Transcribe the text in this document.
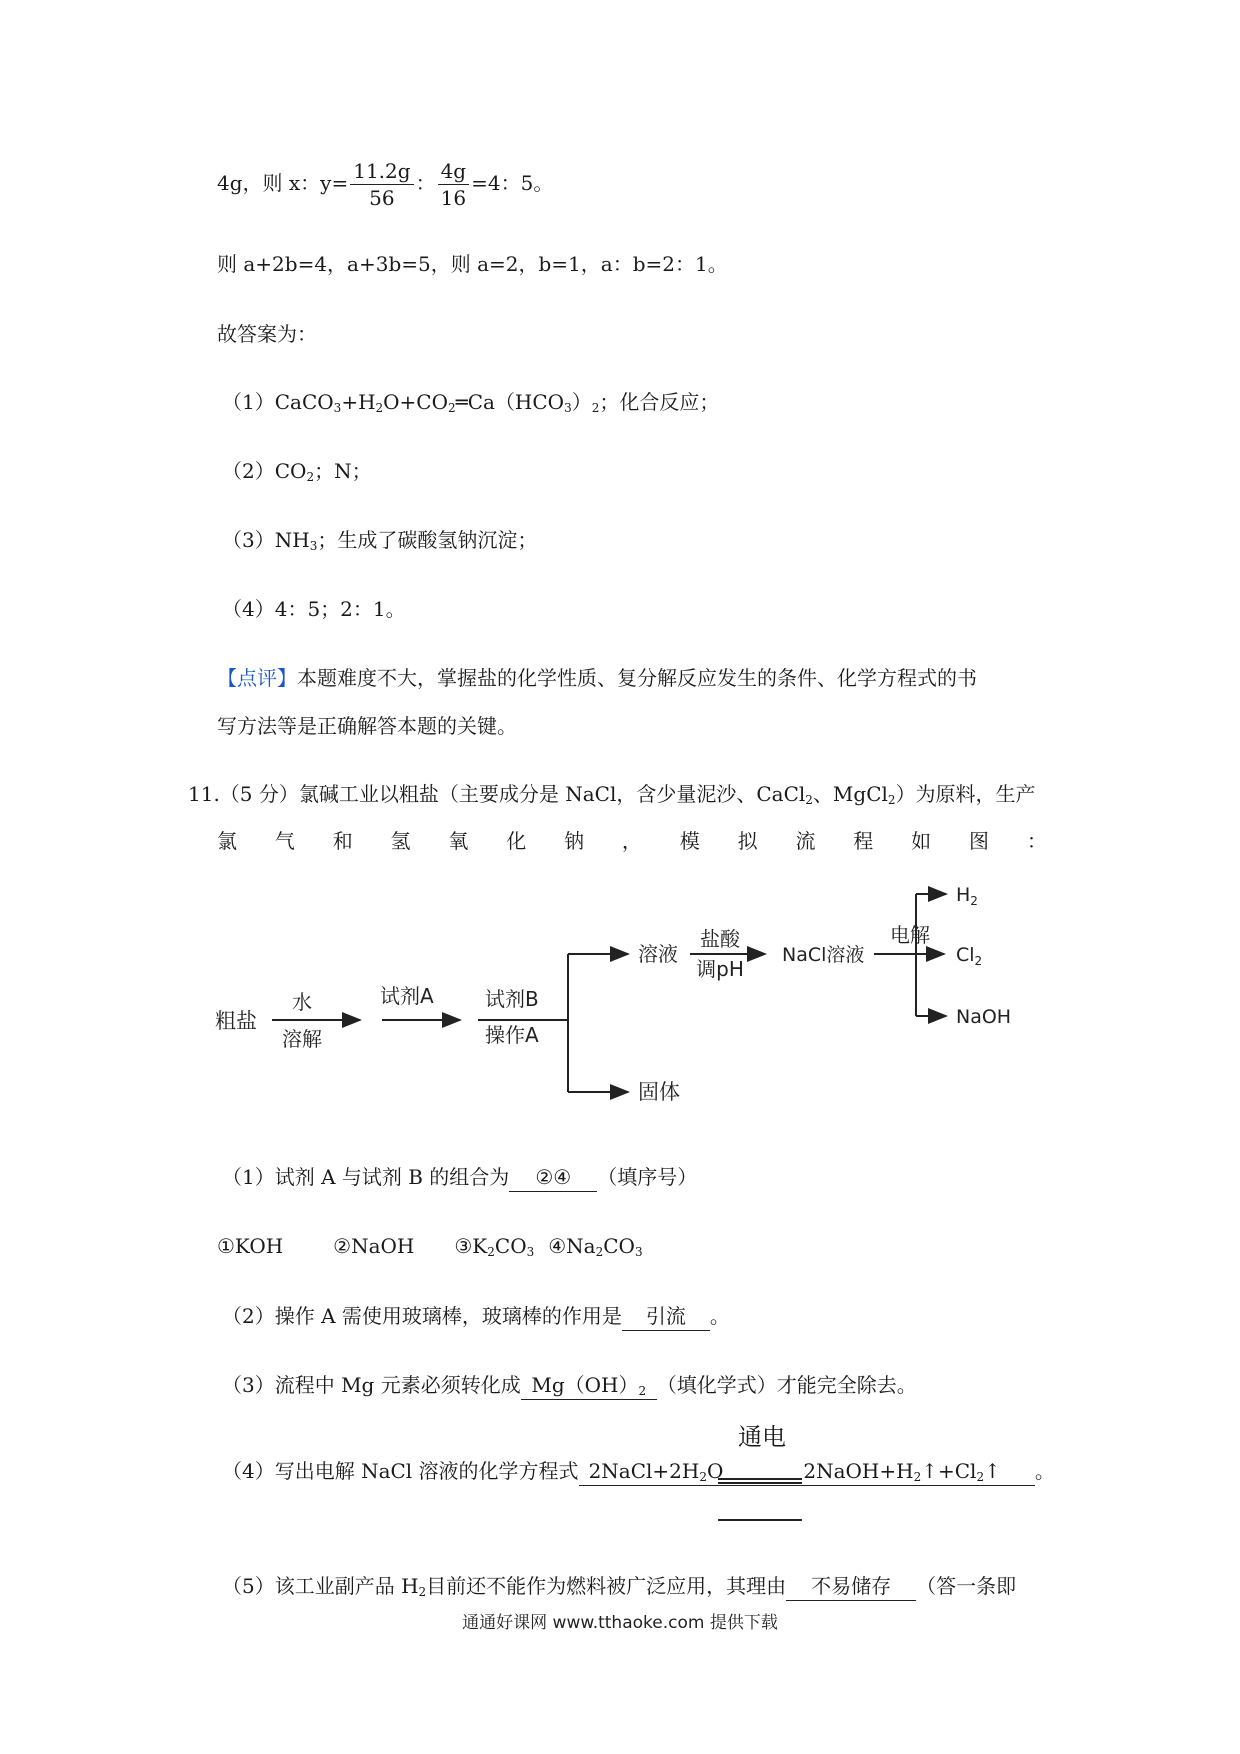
4g，则 x：$y= \frac{11.2g}{56}$ ： $\frac{4g}{16} =4$：5。
则 a+2b=4，a+3b=5，则 a=2，b=1，a：b=2：1。
故答案为：
$(1)CaCO_3+H_2O+CO_2═Ca(HCO_3)_2$；化合反应；
$(2)CO_2$；N；
$(3)NH_3$；生成了碳酸氢钠沉淀；
（4）4：5；2：1。
【点评】本题难度不大，掌握盐的化学性质、复分解反应发生的条件、化学方程式的书
写方法等是正确解答本题的关键。
11.（5 分）氯碱工业以粗盐（主要成分是 NaCl，含少量泥沙、CaCl$_2$、MgCl$_2$）为原料，生产
氯 气 和 氢 氧 化 钠 ， 模 拟 流 程 如 图 ：
粗盐
水
溶解
试剂A	试剂B
操作A
溶液
盐酸
调pH
NaCl溶液
电解
$H_2$
$Cl_2$
NaOH
固体
（1）试剂 A 与试剂 B 的组合为 ②④ （填序号）
①KOH	②NaOH $③K_2CO_3$ $④Na_2CO_3$
（2）操作 A 需使用玻璃棒，玻璃棒的作用是 引流 。
（3）流程中 Mg 元素必须转化成 $Mg(OH)_2$ （填化学式）才能完全除去。
（4）写出电解 NaCl 溶液的化学方程式 $2NaCl+2H_2O$	$2NaOH+H_2↑+Cl_2↑$ 。
通电
（5）该工业副产品 $H_2$目前还不能作为燃料被广泛应用，其理由 不易储存 （答一条即
通通好课网 www.tthaoke.com 提供下载
